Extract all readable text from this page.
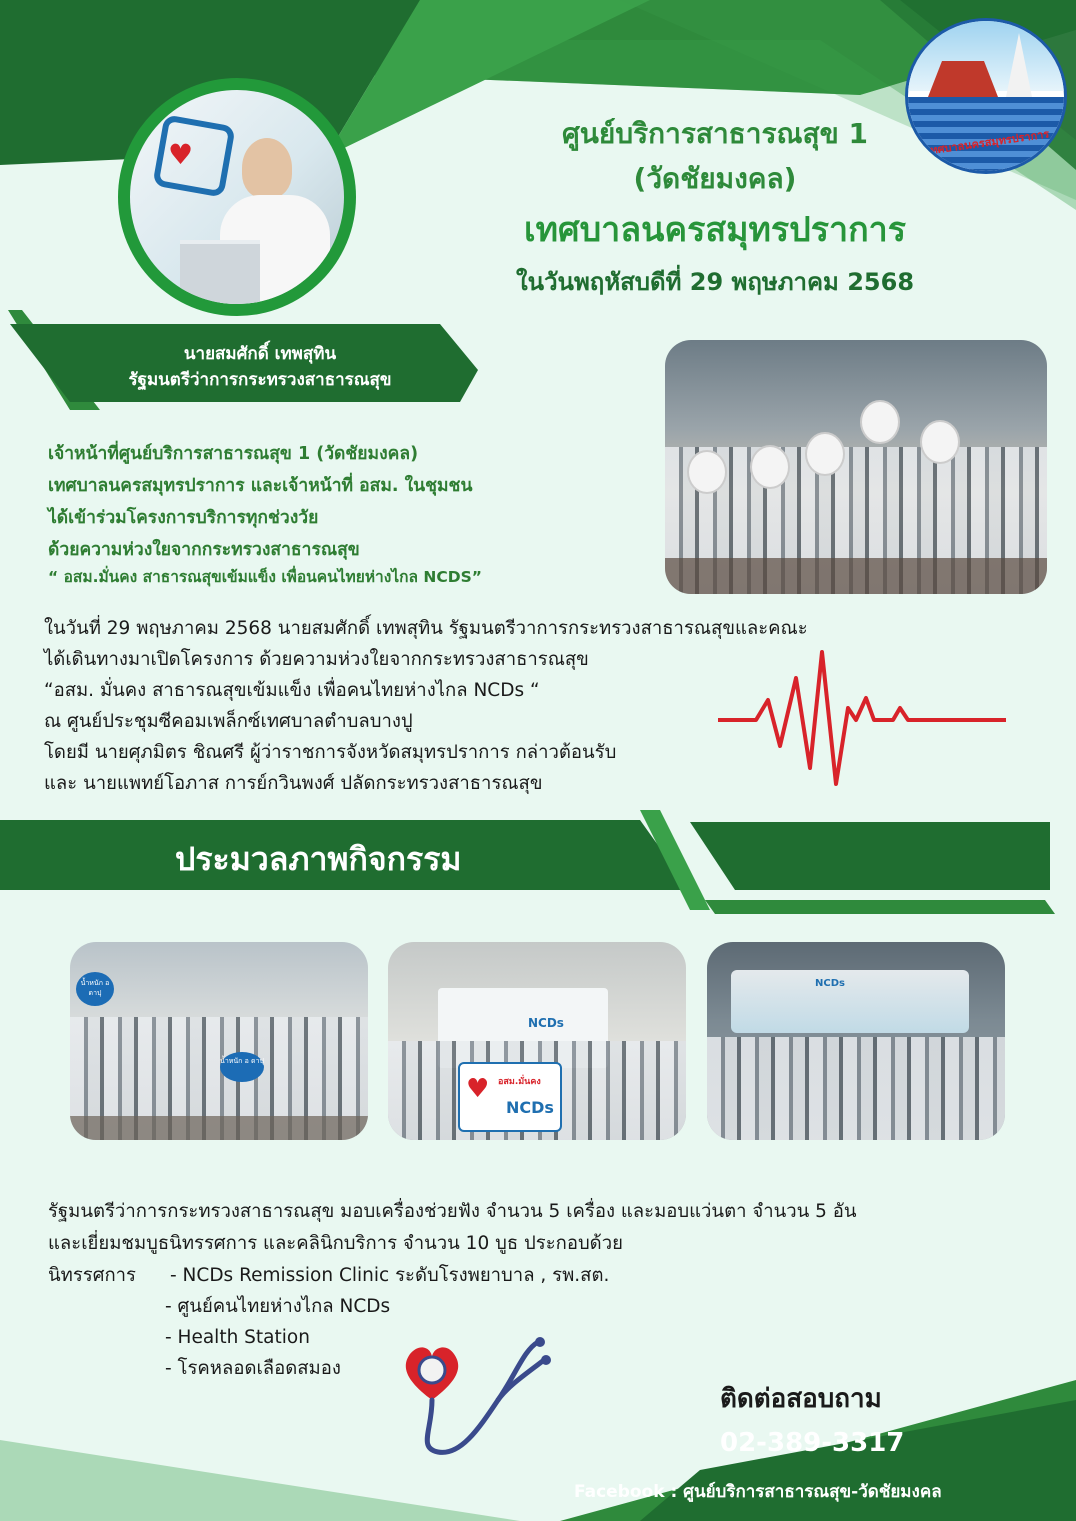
♥	เทศบาลนครสมุทรปราการ
ศูนย์บริการสาธารณสุข 1
(วัดชัยมงคล)
เทศบาลนครสมุทรปราการ
ในวันพฤหัสบดีที่ 29 พฤษภาคม 2568
นายสมศักดิ์ เทพสุทิน
รัฐมนตรีว่าการกระทรวงสาธารณสุข
เจ้าหน้าที่ศูนย์บริการสาธารณสุข 1 (วัดชัยมงคล)
เทศบาลนครสมุทรปราการ และเจ้าหน้าที่ อสม. ในชุมชน
ได้เข้าร่วมโครงการบริการทุกช่วงวัย
ด้วยความห่วงใยจากกระทรวงสาธารณสุข
“ อสม.มั่นคง สาธารณสุขเข้มแข็ง เพื่อนคนไทยห่างไกล NCDS”
ในวันที่ 29 พฤษภาคม 2568 นายสมศักดิ์ เทพสุทิน รัฐมนตรีวาการกระทรวงสาธารณสุขและคณะ
ได้เดินทางมาเปิดโครงการ ด้วยความห่วงใยจากกระทรวงสาธารณสุข
“อสม. มั่นคง สาธารณสุขเข้มแข็ง เพื่อคนไทยห่างไกล NCDs “
ณ ศูนย์ประชุมซีคอมเพล็กซ์เทศบาลตำบลบางปู
โดยมี นายศุภมิตร ชิณศรี ผู้ว่าราชการจังหวัดสมุทรปราการ กล่าวต้อนรับ
และ นายแพทย์โอภาส การย์กวินพงศ์ ปลัดกระทรวงสาธารณสุข
ประมวลภาพกิจกรรม
น้ำหนัก อ ดาปุ
น้ำหนัก อ ดาปุ
NCDs
♥ อสม.มั่นคง
NCDs
NCDs
รัฐมนตรีว่าการกระทรวงสาธารณสุข มอบเครื่องช่วยฟัง จำนวน 5 เครื่อง และมอบแว่นตา จำนวน 5 อัน
และเยี่ยมชมบูธนิทรรศการ และคลินิกบริการ จำนวน 10 บูธ ประกอบด้วย
นิทรรศการ - NCDs Remission Clinic ระดับโรงพยาบาล , รพ.สต.
- ศูนย์คนไทยห่างไกล NCDs
- Health Station
- โรคหลอดเลือดสมอง
ติดต่อสอบถาม
02-389-3317
Facebook : ศูนย์บริการสาธารณสุข-วัดชัยมงคล
